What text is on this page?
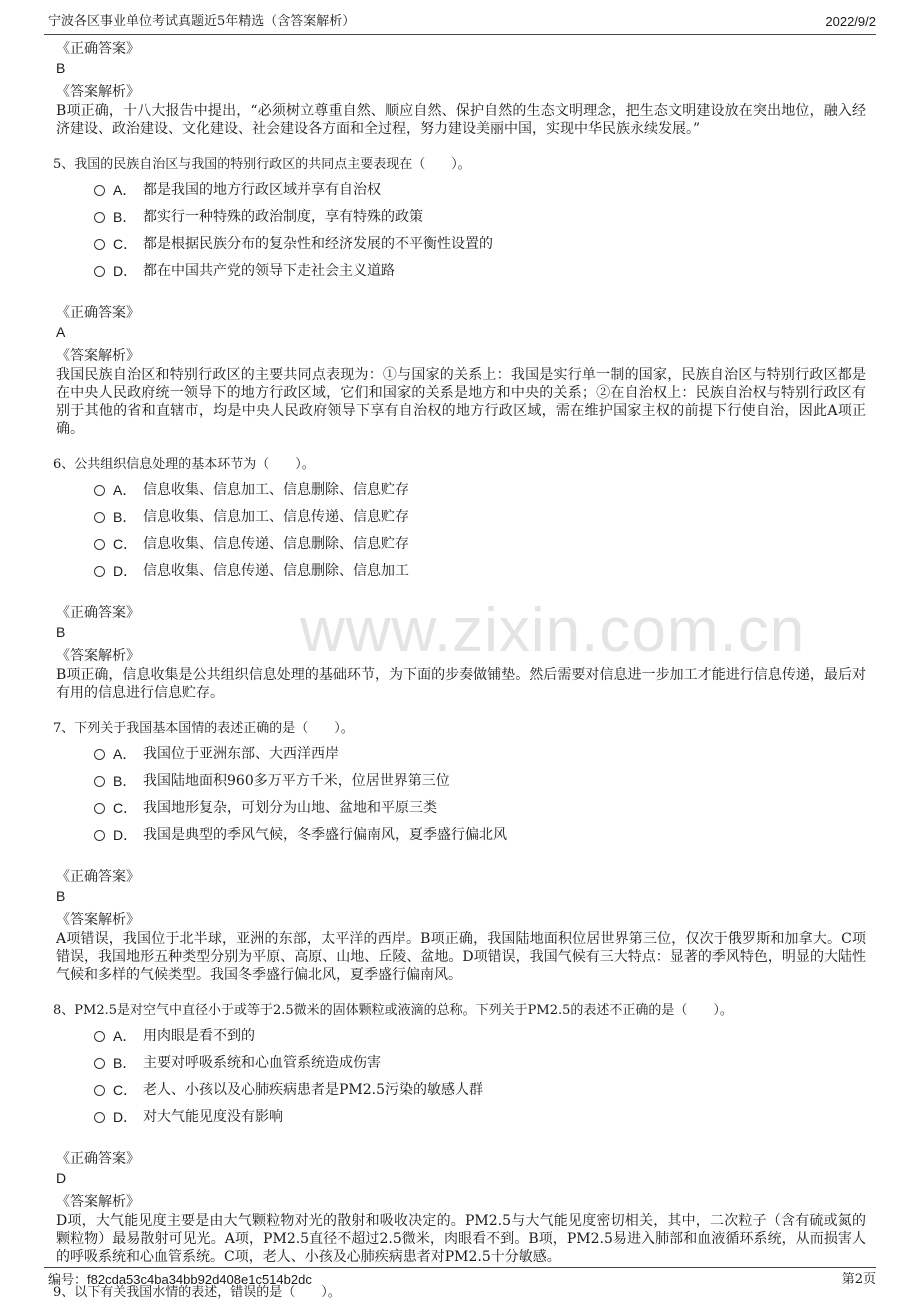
宁波各区事业单位考试真题近5年精选（含答案解析）	2022/9/2
www.zixin.com.cn

《正确答案》

B

《答案解析》

B项正确，十八大报告中提出，“必须树立尊重自然、顺应自然、保护自然的生态文明理念，把生态文明建设放在突出地位，融入经济建设、政治建设、文化建设、社会建设各方面和全过程，努力建设美丽中国，实现中华民族永续发展。”

5、我国的民族自治区与我国的特别行政区的共同点主要表现在（　　）。

A． 都是我国的地方行政区域并享有自治权
B． 都实行一种特殊的政治制度，享有特殊的政策
C． 都是根据民族分布的复杂性和经济发展的不平衡性设置的
D． 都在中国共产党的领导下走社会主义道路

《正确答案》

A

《答案解析》

我国民族自治区和特别行政区的主要共同点表现为：①与国家的关系上：我国是实行单一制的国家，民族自治区与特别行政区都是在中央人民政府统一领导下的地方行政区域，它们和国家的关系是地方和中央的关系；②在自治权上：民族自治权与特别行政区有别于其他的省和直辖市，均是中央人民政府领导下享有自治权的地方行政区域，需在维护国家主权的前提下行使自治，因此A项正确。

6、公共组织信息处理的基本环节为（　　）。

A． 信息收集、信息加工、信息删除、信息贮存
B． 信息收集、信息加工、信息传递、信息贮存
C． 信息收集、信息传递、信息删除、信息贮存
D． 信息收集、信息传递、信息删除、信息加工

《正确答案》

B

《答案解析》

B项正确，信息收集是公共组织信息处理的基础环节，为下面的步奏做铺垫。然后需要对信息进一步加工才能进行信息传递，最后对有用的信息进行信息贮存。

7、下列关于我国基本国情的表述正确的是（　　）。

A． 我国位于亚洲东部、大西洋西岸
B． 我国陆地面积960多万平方千米，位居世界第三位
C． 我国地形复杂，可划分为山地、盆地和平原三类
D． 我国是典型的季风气候，冬季盛行偏南风，夏季盛行偏北风

《正确答案》

B

《答案解析》

A项错误，我国位于北半球，亚洲的东部，太平洋的西岸。B项正确，我国陆地面积位居世界第三位，仅次于俄罗斯和加拿大。C项错误，我国地形五种类型分别为平原、高原、山地、丘陵、盆地。D项错误，我国气候有三大特点：显著的季风特色，明显的大陆性气候和多样的气候类型。我国冬季盛行偏北风，夏季盛行偏南风。

8、PM2.5是对空气中直径小于或等于2.5微米的固体颗粒或液滴的总称。下列关于PM2.5的表述不正确的是（　　）。

A． 用肉眼是看不到的
B． 主要对呼吸系统和心血管系统造成伤害
C． 老人、小孩以及心肺疾病患者是PM2.5污染的敏感人群
D． 对大气能见度没有影响

《正确答案》

D

《答案解析》

D项，大气能见度主要是由大气颗粒物对光的散射和吸收决定的。PM2.5与大气能见度密切相关，其中，二次粒子（含有硫或氮的颗粒物）最易散射可见光。A项，PM2.5直径不超过2.5微米，肉眼看不到。B项，PM2.5易进入肺部和血液循环系统，从而损害人的呼吸系统和心血管系统。C项，老人、小孩及心肺疾病患者对PM2.5十分敏感。

9、以下有关我国水情的表述，错误的是（　　）。

编号：f82cda53c4ba34bb92d408e1c514b2dc	第2页
